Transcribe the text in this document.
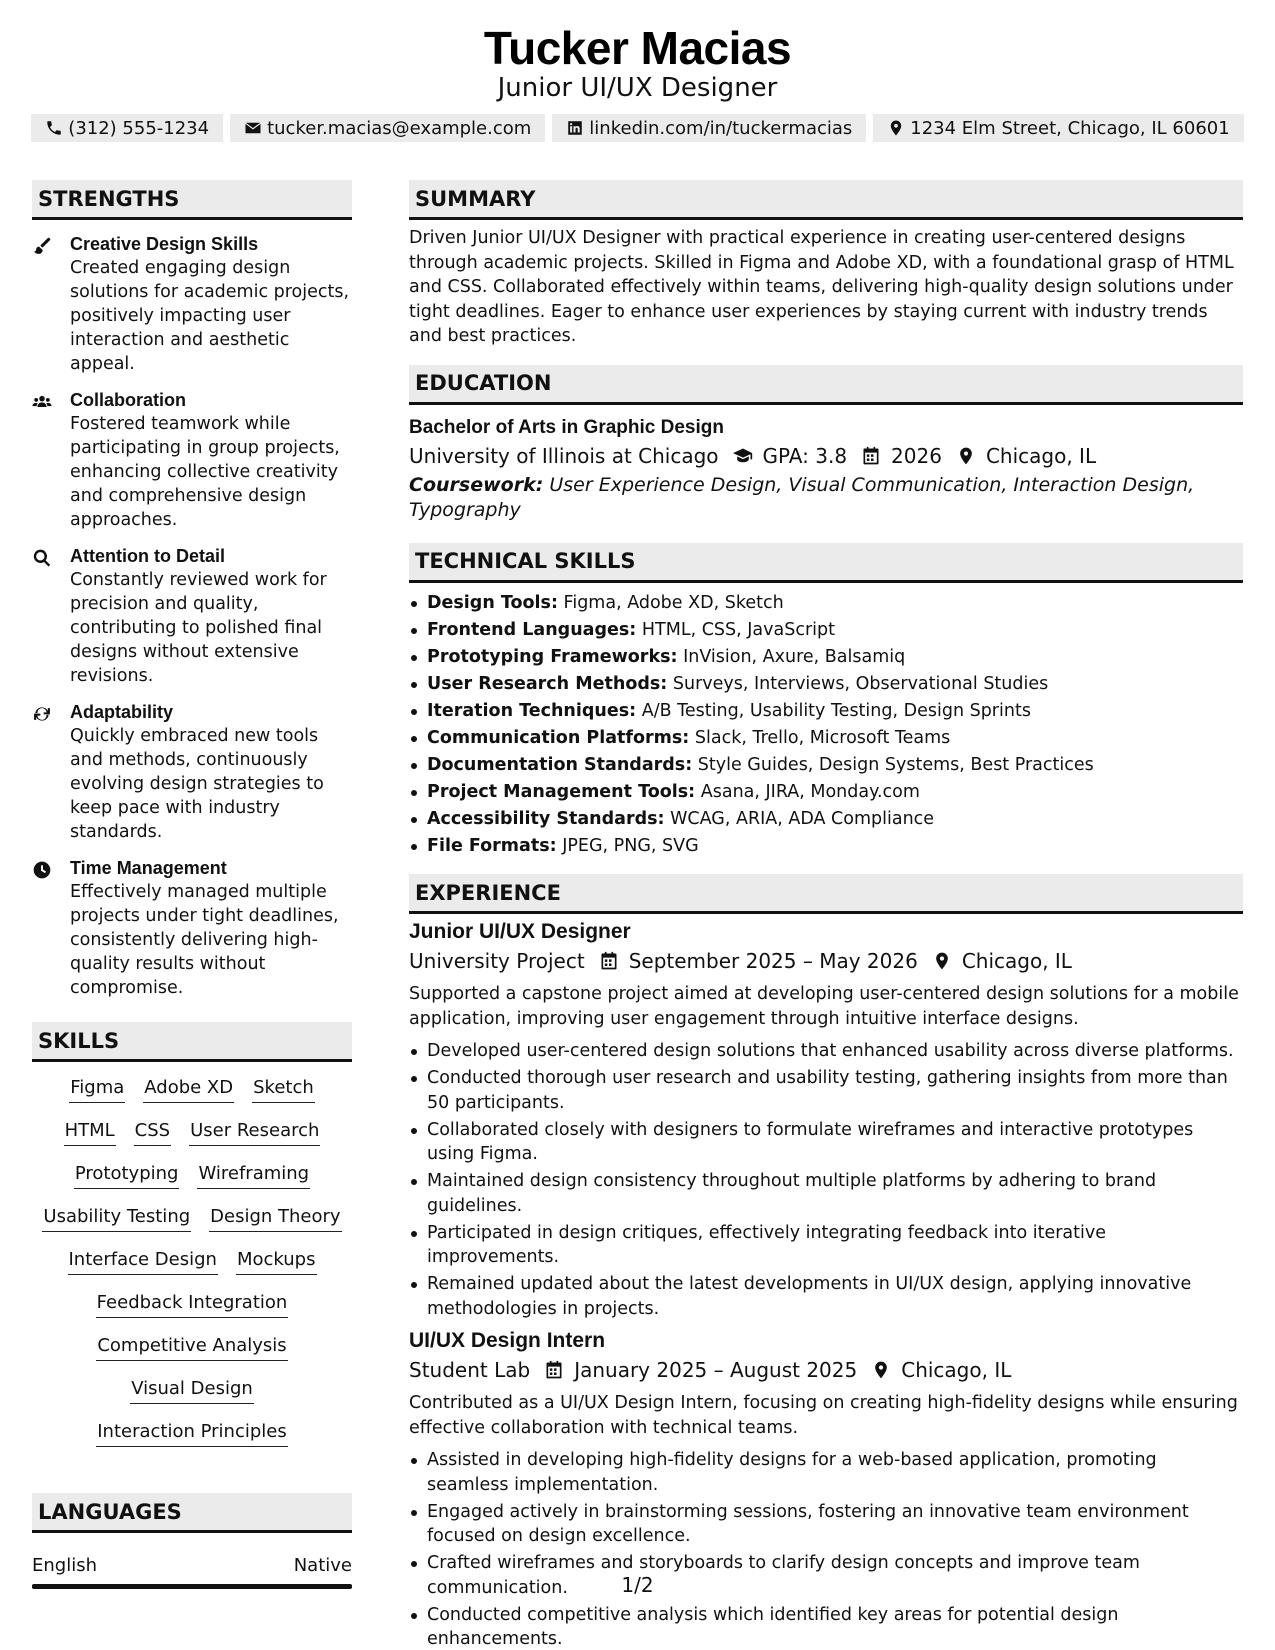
Tucker Macias
Junior UI/UX Designer
(312) 555-1234	tucker.macias@example.com	linkedin.com/in/tuckermacias	1234 Elm Street, Chicago, IL 60601
STRENGTHS
Creative Design Skills
Created engaging design solutions for academic projects, positively impacting user interaction and aesthetic appeal.
Collaboration
Fostered teamwork while participating in group projects, enhancing collective creativity and comprehensive design approaches.
Attention to Detail
Constantly reviewed work for precision and quality, contributing to polished final designs without extensive revisions.
Adaptability
Quickly embraced new tools and methods, continuously evolving design strategies to keep pace with industry standards.
Time Management
Effectively managed multiple projects under tight deadlines, consistently delivering high-quality results without compromise.
SKILLS
Figma Adobe XD Sketch
HTML CSS User Research
Prototyping Wireframing
Usability Testing Design Theory
Interface Design Mockups
Feedback Integration
Competitive Analysis
Visual Design
Interaction Principles
LANGUAGES
English	Native
SUMMARY
Driven Junior UI/UX Designer with practical experience in creating user-centered designs through academic projects. Skilled in Figma and Adobe XD, with a foundational grasp of HTML and CSS. Collaborated effectively within teams, delivering high-quality design solutions under tight deadlines. Eager to enhance user experiences by staying current with industry trends and best practices.
EDUCATION
Bachelor of Arts in Graphic Design
University of Illinois at Chicago GPA: 3.8 2026 Chicago, IL
Coursework: User Experience Design, Visual Communication, Interaction Design, Typography
TECHNICAL SKILLS
Design Tools: Figma, Adobe XD, Sketch
Frontend Languages: HTML, CSS, JavaScript
Prototyping Frameworks: InVision, Axure, Balsamiq
User Research Methods: Surveys, Interviews, Observational Studies
Iteration Techniques: A/B Testing, Usability Testing, Design Sprints
Communication Platforms: Slack, Trello, Microsoft Teams
Documentation Standards: Style Guides, Design Systems, Best Practices
Project Management Tools: Asana, JIRA, Monday.com
Accessibility Standards: WCAG, ARIA, ADA Compliance
File Formats: JPEG, PNG, SVG
EXPERIENCE
Junior UI/UX Designer
University Project September 2025 – May 2026 Chicago, IL
Supported a capstone project aimed at developing user-centered design solutions for a mobile application, improving user engagement through intuitive interface designs.
Developed user-centered design solutions that enhanced usability across diverse platforms.
Conducted thorough user research and usability testing, gathering insights from more than 50 participants.
Collaborated closely with designers to formulate wireframes and interactive prototypes using Figma.
Maintained design consistency throughout multiple platforms by adhering to brand guidelines.
Participated in design critiques, effectively integrating feedback into iterative improvements.
Remained updated about the latest developments in UI/UX design, applying innovative methodologies in projects.
UI/UX Design Intern
Student Lab January 2025 – August 2025 Chicago, IL
Contributed as a UI/UX Design Intern, focusing on creating high-fidelity designs while ensuring effective collaboration with technical teams.
Assisted in developing high-fidelity designs for a web-based application, promoting seamless implementation.
Engaged actively in brainstorming sessions, fostering an innovative team environment focused on design excellence.
Crafted wireframes and storyboards to clarify design concepts and improve team communication.
Conducted competitive analysis which identified key areas for potential design enhancements.
1/2
